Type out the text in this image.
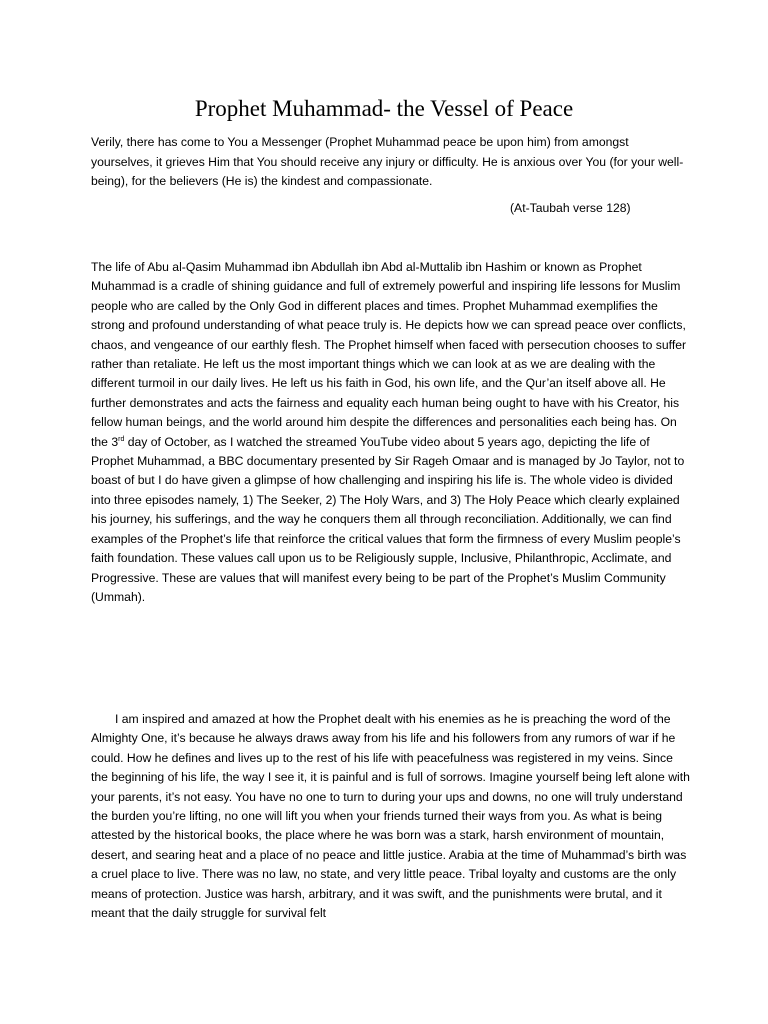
Prophet Muhammad- the Vessel of Peace

Verily, there has come to You a Messenger (Prophet Muhammad peace be upon him) from amongst yourselves, it grieves Him that You should receive any injury or difficulty. He is anxious over You (for your well-being), for the believers (He is) the kindest and compassionate.

(At-Taubah verse 128)

The life of Abu al-Qasim Muhammad ibn Abdullah ibn Abd al-Muttalib ibn Hashim or known as Prophet Muhammad is a cradle of shining guidance and full of extremely powerful and inspiring life lessons for Muslim people who are called by the Only God in different places and times. Prophet Muhammad exemplifies the strong and profound understanding of what peace truly is. He depicts how we can spread peace over conflicts, chaos, and vengeance of our earthly flesh. The Prophet himself when faced with persecution chooses to suffer rather than retaliate. He left us the most important things which we can look at as we are dealing with the different turmoil in our daily lives. He left us his faith in God, his own life, and the Qur’an itself above all. He further demonstrates and acts the fairness and equality each human being ought to have with his Creator, his fellow human beings, and the world around him despite the differences and personalities each being has. On the 3rd day of October, as I watched the streamed YouTube video about 5 years ago, depicting the life of Prophet Muhammad, a BBC documentary presented by Sir Rageh Omaar and is managed by Jo Taylor, not to boast of but I do have given a glimpse of how challenging and inspiring his life is. The whole video is divided into three episodes namely, 1) The Seeker, 2) The Holy Wars, and 3) The Holy Peace which clearly explained his journey, his sufferings, and the way he conquers them all through reconciliation. Additionally, we can find examples of the Prophet’s life that reinforce the critical values that form the firmness of every Muslim people’s faith foundation. These values call upon us to be Religiously supple, Inclusive, Philanthropic, Acclimate, and Progressive. These are values that will manifest every being to be part of the Prophet’s Muslim Community (Ummah).

I am inspired and amazed at how the Prophet dealt with his enemies as he is preaching the word of the Almighty One, it’s because he always draws away from his life and his followers from any rumors of war if he could. How he defines and lives up to the rest of his life with peacefulness was registered in my veins. Since the beginning of his life, the way I see it, it is painful and is full of sorrows. Imagine yourself being left alone with your parents, it’s not easy. You have no one to turn to during your ups and downs, no one will truly understand the burden you’re lifting, no one will lift you when your friends turned their ways from you. As what is being attested by the historical books, the place where he was born was a stark, harsh environment of mountain, desert, and searing heat and a place of no peace and little justice. Arabia at the time of Muhammad’s birth was a cruel place to live. There was no law, no state, and very little peace. Tribal loyalty and customs are the only means of protection. Justice was harsh, arbitrary, and it was swift, and the punishments were brutal, and it meant that the daily struggle for survival felt
